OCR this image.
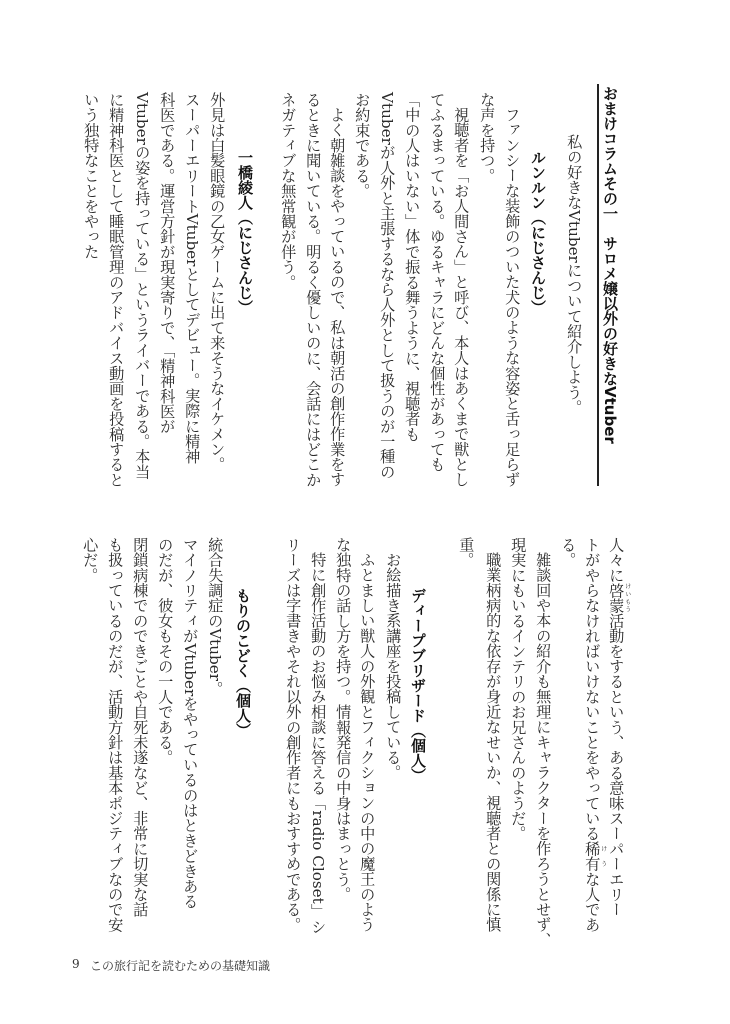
おまけコラムその一　サロメ嬢以外の好きなVtuber
私の好きなVtuberについて紹介しよう。
ルンルン（にじさんじ）
ファンシーな装飾のついた犬のような容姿と舌っ足らず
な声を持つ。
視聴者を「お人間さん」と呼び、本人はあくまで獣とし
てふるまっている。ゆるキャラにどんな個性があっても
「中の人はいない」体で振る舞うように、視聴者も
Vtuberが人外と主張するなら人外として扱うのが一種の
お約束である。
よく朝雑談をやっているので、私は朝活の創作作業をす
るときに聞いている。明るく優しいのに、会話にはどこか
ネガティブな無常観が伴う。
一橋綾人（にじさんじ）
外見は白髪眼鏡の乙女ゲームに出て来そうなイケメン。
スーパーエリートVtuberとしてデビュー。実際に精神
科医である。運営方針が現実寄りで、「精神科医が
Vtuberの姿を持っている」というライバーである。本当
に精神科医として睡眠管理のアドバイス動画を投稿すると
いう独特なことをやった
人々に啓蒙けいもう活動をするという、ある意味スーパーエリー
トがやらなければいけないことをやっている稀有けうな人であ
る。
雑談回や本の紹介も無理にキャラクターを作ろうとせず、
現実にもいるインテリのお兄さんのようだ。
職業柄病的な依存が身近なせいか、視聴者との関係に慎
重。
ディープブリザード（個人）
お絵描き系講座を投稿している。
ふとましい獣人の外観とフィクションの中の魔王のよう
な独特の話し方を持つ。情報発信の中身はまっとう。
特に創作活動のお悩み相談に答える「radio Closet」シ
リーズは字書きやそれ以外の創作者にもおすすめである。
もりのこどく（個人）
統合失調症のVtuber。
マイノリティがVtuberをやっているのはときどきある
のだが、彼女もその一人である。
閉鎖病棟でのできごとや自死未遂など、非常に切実な話
も扱っているのだが、活動方針は基本ポジティブなので安
心だ。
9 この旅行記を読むための基礎知識
